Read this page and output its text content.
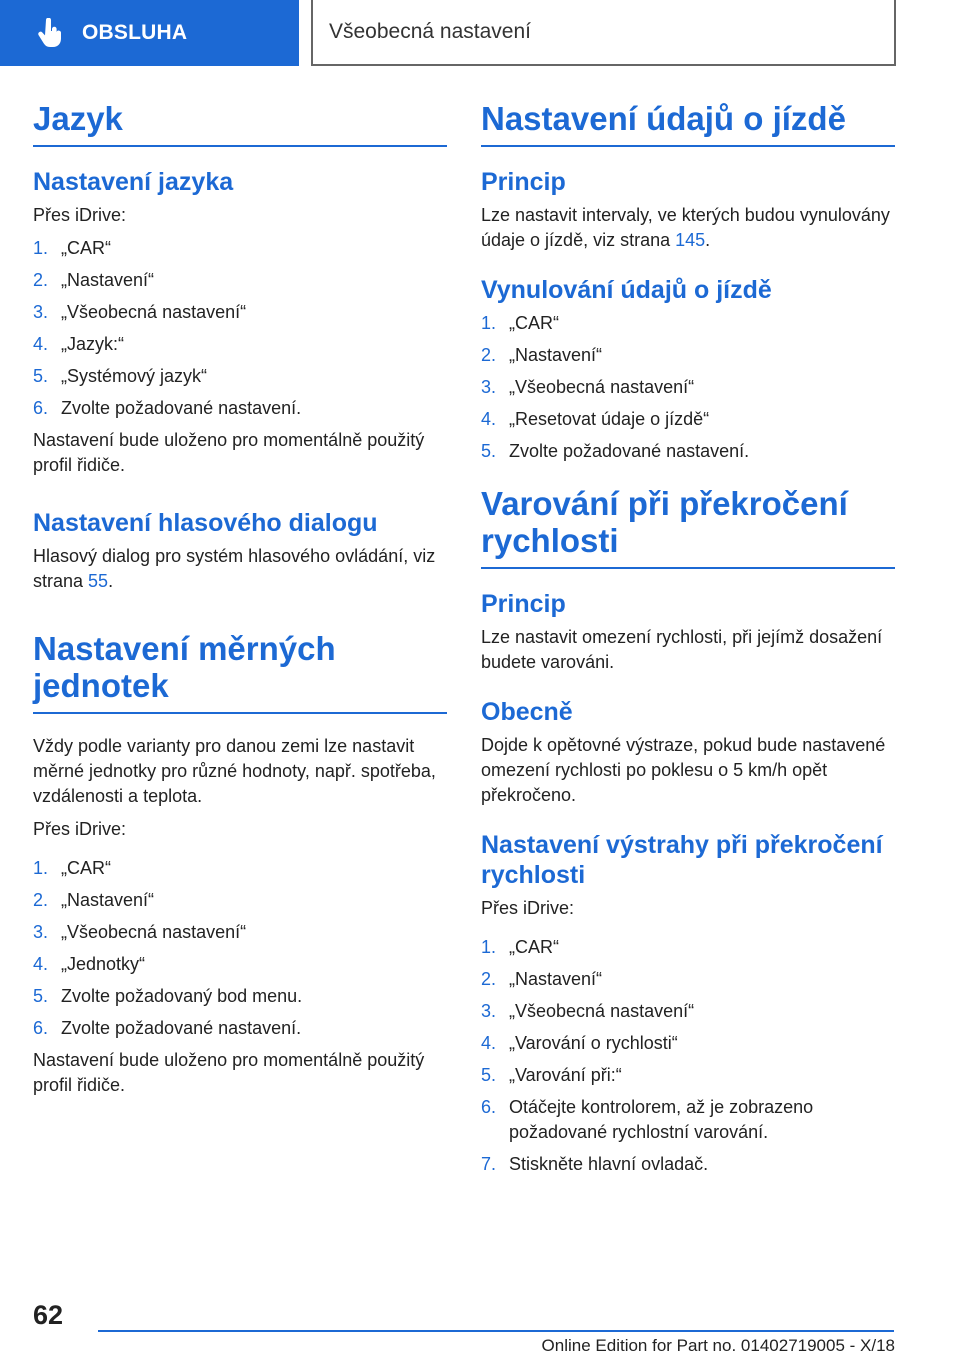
OBSLUHA	Všeobecná nastavení
Jazyk
Nastavení jazyka
Přes iDrive:
1. „CAR“
2. „Nastavení“
3. „Všeobecná nastavení“
4. „Jazyk:“
5. „Systémový jazyk“
6. Zvolte požadované nastavení.
Nastavení bude uloženo pro momentálně použitý profil řidiče.
Nastavení hlasového dialogu
Hlasový dialog pro systém hlasového ovládání, viz strana 55.
Nastavení měrných jednotek
Vždy podle varianty pro danou zemi lze nastavit měrné jednotky pro různé hodnoty, např. spotřeba, vzdálenosti a teplota.
Přes iDrive:
1. „CAR“
2. „Nastavení“
3. „Všeobecná nastavení“
4. „Jednotky“
5. Zvolte požadovaný bod menu.
6. Zvolte požadované nastavení.
Nastavení bude uloženo pro momentálně použitý profil řidiče.
Nastavení údajů o jízdě
Princip
Lze nastavit intervaly, ve kterých budou vynulovány údaje o jízdě, viz strana 145.
Vynulování údajů o jízdě
1. „CAR“
2. „Nastavení“
3. „Všeobecná nastavení“
4. „Resetovat údaje o jízdě“
5. Zvolte požadované nastavení.
Varování při překročení rychlosti
Princip
Lze nastavit omezení rychlosti, při jejímž dosažení budete varováni.
Obecně
Dojde k opětovné výstraze, pokud bude nastavené omezení rychlosti po poklesu o 5 km/h opět překročeno.
Nastavení výstrahy při překročení rychlosti
Přes iDrive:
1. „CAR“
2. „Nastavení“
3. „Všeobecná nastavení“
4. „Varování o rychlosti“
5. „Varování při:“
6. Otáčejte kontrolorem, až je zobrazeno požadované rychlostní varování.
7. Stiskněte hlavní ovladač.
62
Online Edition for Part no. 01402719005 - X/18
